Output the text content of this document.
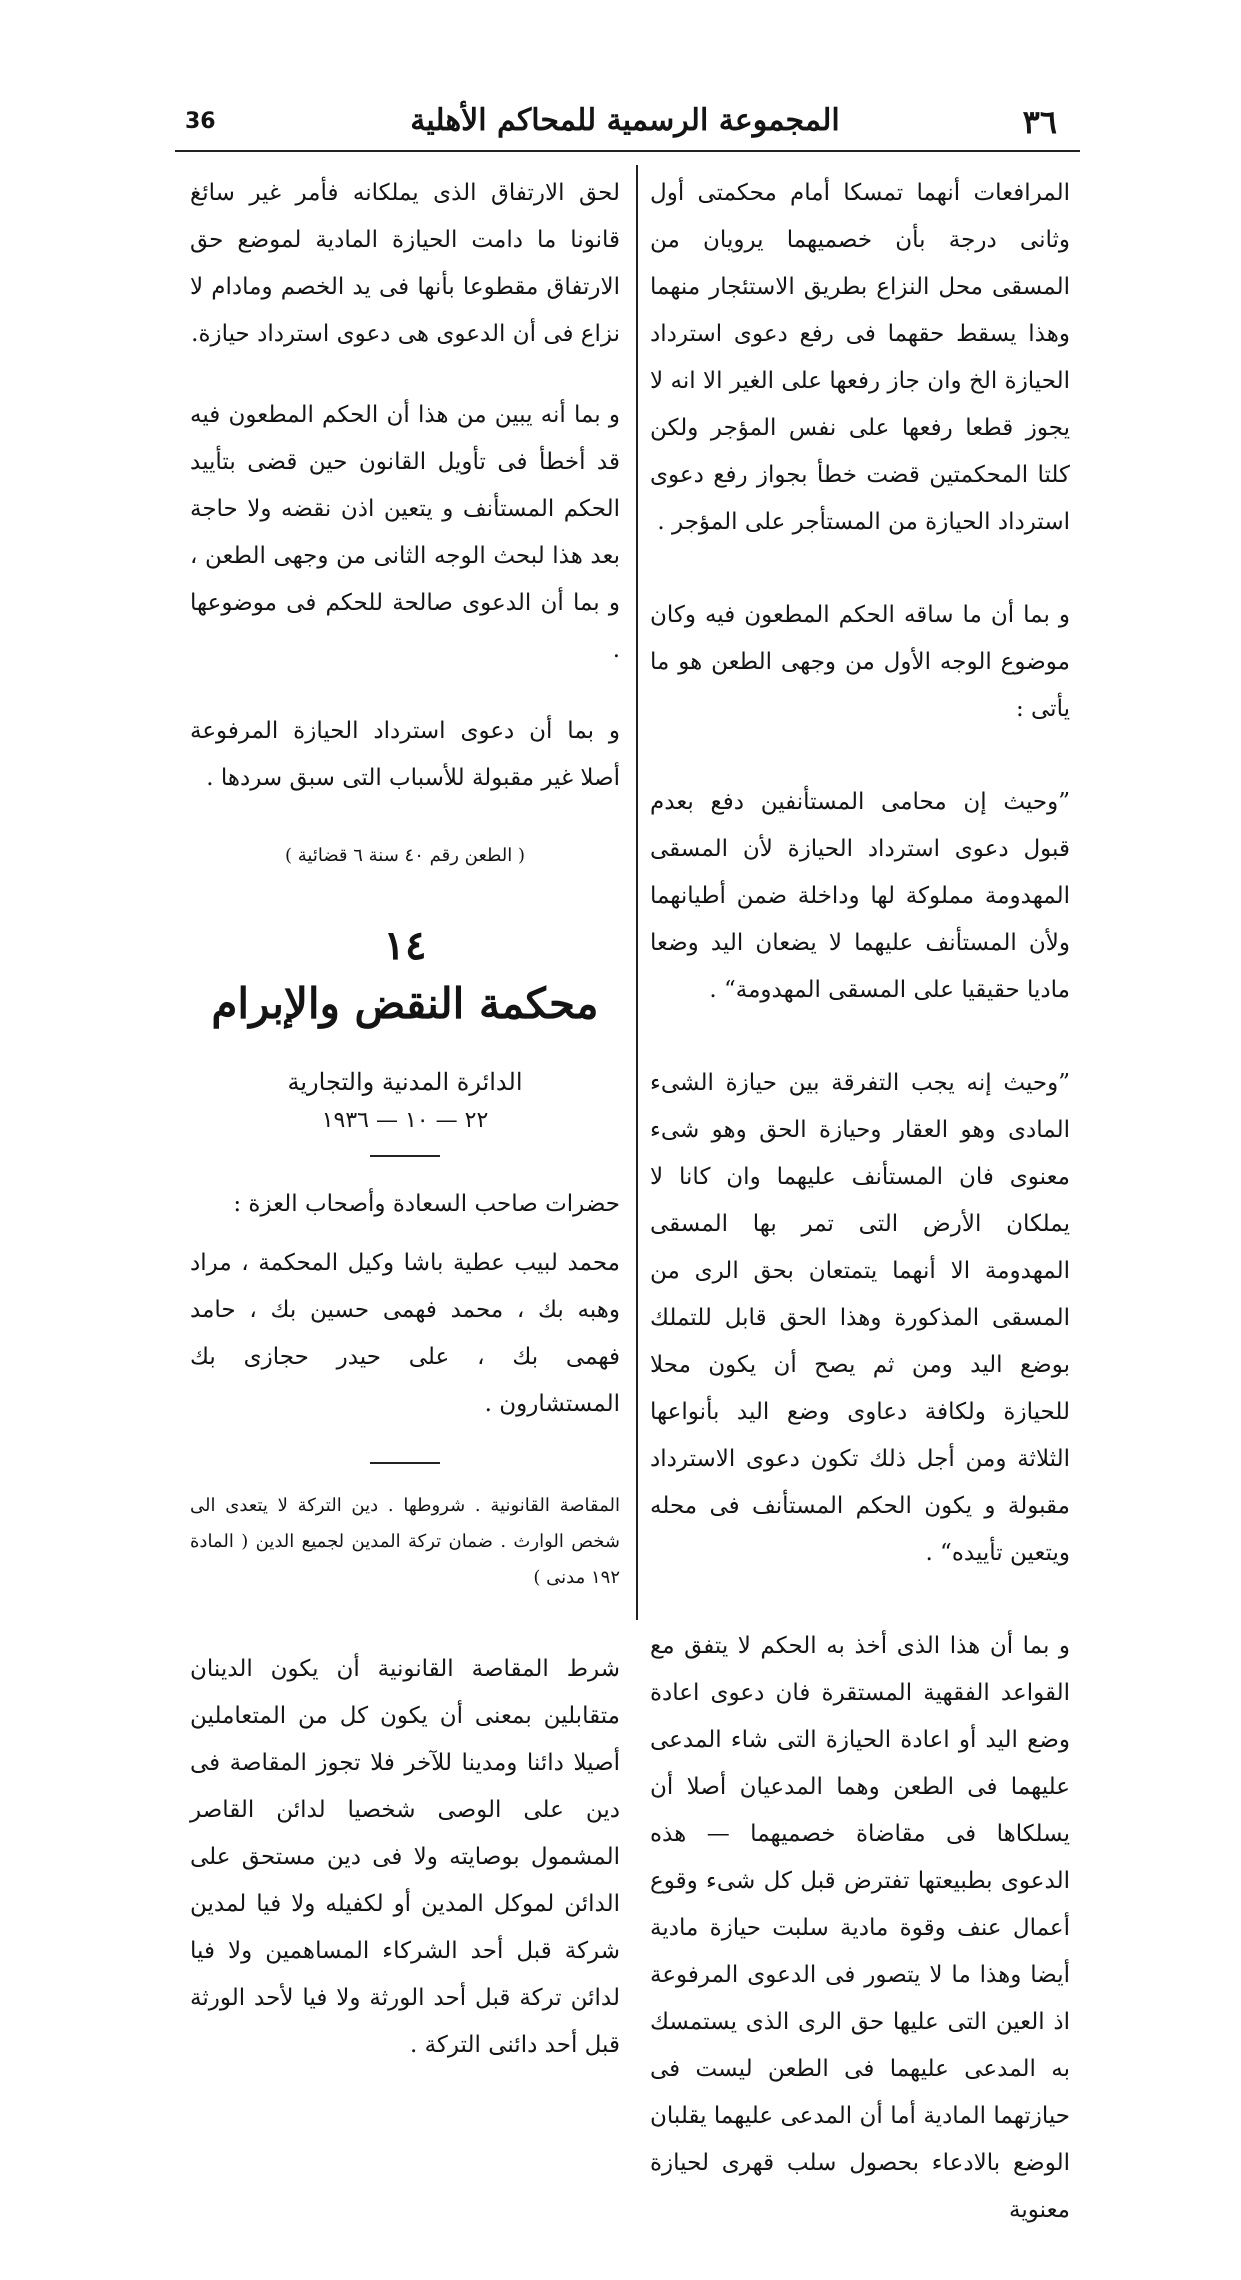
36	المجموعة الرسمية للمحاكم الأهلية	٣٦

المرافعات أنهما تمسكا أمام محكمتى أول وثانى درجة بأن خصميهما يرويان من المسقى محل النزاع بطريق الاستئجار منهما وهذا يسقط حقهما فى رفع دعوى استرداد الحيازة الخ وان جاز رفعها على الغير الا انه لا يجوز قطعا رفعها على نفس المؤجر ولكن كلتا المحكمتين قضت خطأ بجواز رفع دعوى استرداد الحيازة من المستأجر على المؤجر .

و بما أن ما ساقه الحكم المطعون فيه وكان موضوع الوجه الأول من وجهى الطعن هو ما يأتى :

”وحيث إن محامى المستأنفين دفع بعدم قبول دعوى استرداد الحيازة لأن المسقى المهدومة مملوكة لها وداخلة ضمن أطيانهما ولأن المستأنف عليهما لا يضعان اليد وضعا ماديا حقيقيا على المسقى المهدومة“ .

”وحيث إنه يجب التفرقة بين حيازة الشىء المادى وهو العقار وحيازة الحق وهو شىء معنوى فان المستأنف عليهما وان كانا لا يملكان الأرض التى تمر بها المسقى المهدومة الا أنهما يتمتعان بحق الرى من المسقى المذكورة وهذا الحق قابل للتملك بوضع اليد ومن ثم يصح أن يكون محلا للحيازة ولكافة دعاوى وضع اليد بأنواعها الثلاثة ومن أجل ذلك تكون دعوى الاسترداد مقبولة و يكون الحكم المستأنف فى محله ويتعين تأييده“ .

و بما أن هذا الذى أخذ به الحكم لا يتفق مع القواعد الفقهية المستقرة فان دعوى اعادة وضع اليد أو اعادة الحيازة التى شاء المدعى عليهما فى الطعن وهما المدعيان أصلا أن يسلكاها فى مقاضاة خصميهما — هذه الدعوى بطبيعتها تفترض قبل كل شىء وقوع أعمال عنف وقوة مادية سلبت حيازة مادية أيضا وهذا ما لا يتصور فى الدعوى المرفوعة اذ العين التى عليها حق الرى الذى يستمسك به المدعى عليهما فى الطعن ليست فى حيازتهما المادية أما أن المدعى عليهما يقلبان الوضع بالادعاء بحصول سلب قهرى لحيازة معنوية

لحق الارتفاق الذى يملكانه فأمر غير سائغ قانونا ما دامت الحيازة المادية لموضع حق الارتفاق مقطوعا بأنها فى يد الخصم ومادام لا نزاع فى أن الدعوى هى دعوى استرداد حيازة.

و بما أنه يبين من هذا أن الحكم المطعون فيه قد أخطأ فى تأويل القانون حين قضى بتأييد الحكم المستأنف و يتعين اذن نقضه ولا حاجة بعد هذا لبحث الوجه الثانى من وجهى الطعن ، و بما أن الدعوى صالحة للحكم فى موضوعها .

و بما أن دعوى استرداد الحيازة المرفوعة أصلا غير مقبولة للأسباب التى سبق سردها .

( الطعن رقم ٤٠ سنة ٦ قضائية )
١٤
محكمة النقض والإبرام
الدائرة المدنية والتجارية
٢٢ — ١٠ — ١٩٣٦
حضرات صاحب السعادة وأصحاب العزة :

محمد لبيب عطية باشا وكيل المحكمة ، مراد وهبه بك ، محمد فهمى حسين بك ، حامد فهمى بك ، على حيدر حجازى بك المستشارون .

المقاصة القانونية . شروطها . دين التركة لا يتعدى الى شخص الوارث . ضمان تركة المدين لجميع الدين ( المادة ١٩٢ مدنى )

شرط المقاصة القانونية أن يكون الدينان متقابلين بمعنى أن يكون كل من المتعاملين أصيلا دائنا ومدينا للآخر فلا تجوز المقاصة فى دين على الوصى شخصيا لدائن القاصر المشمول بوصايته ولا فى دين مستحق على الدائن لموكل المدين أو لكفيله ولا فيا لمدين شركة قبل أحد الشركاء المساهمين ولا فيا لدائن تركة قبل أحد الورثة ولا فيا لأحد الورثة قبل أحد دائنى التركة .
